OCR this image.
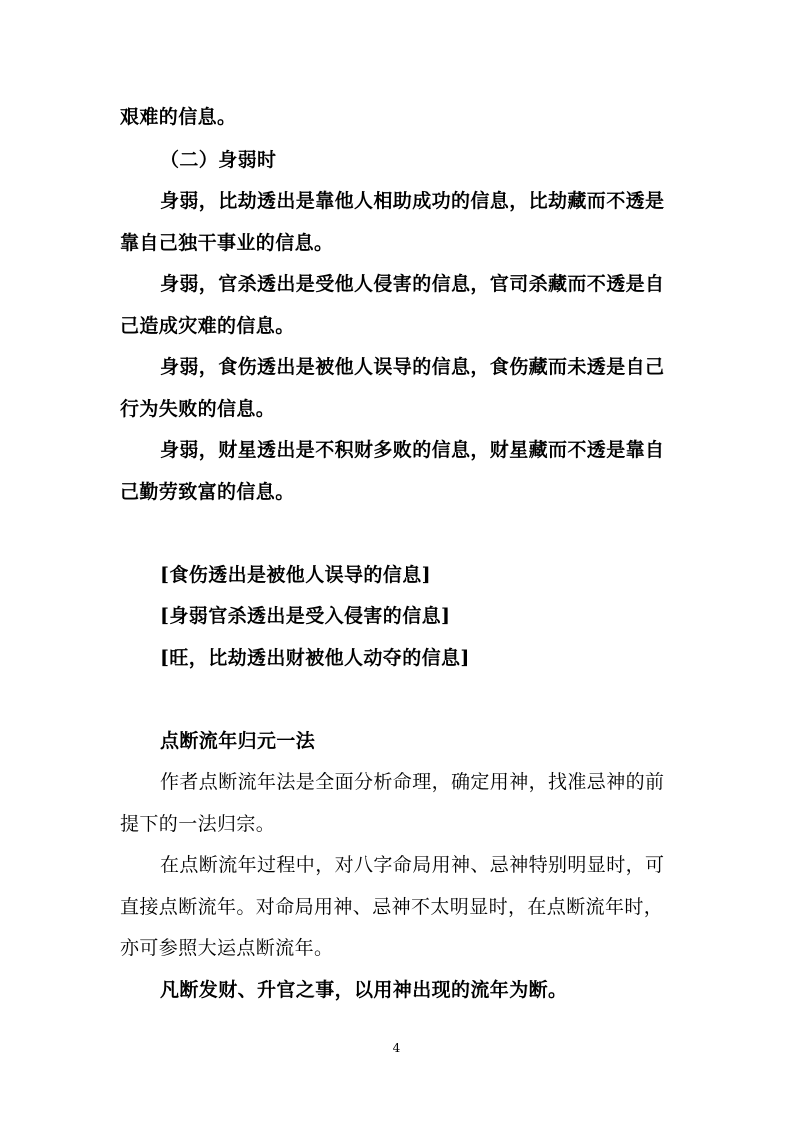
艰难的信息。
（二）身弱时
身弱，比劫透出是靠他人相助成功的信息，比劫藏而不透是
靠自己独干事业的信息。
身弱，官杀透出是受他人侵害的信息，官司杀藏而不透是自
己造成灾难的信息。
身弱，食伤透出是被他人误导的信息，食伤藏而未透是自己
行为失败的信息。
身弱，财星透出是不积财多败的信息，财星藏而不透是靠自
己勤劳致富的信息。
[食伤透出是被他人误导的信息]
[身弱官杀透出是受入侵害的信息]
[旺，比劫透出财被他人动夺的信息]
点断流年归元一法
作者点断流年法是全面分析命理，确定用神，找准忌神的前
提下的一法归宗。
在点断流年过程中，对八字命局用神、忌神特别明显时，可
直接点断流年。对命局用神、忌神不太明显时，在点断流年时，
亦可参照大运点断流年。
凡断发财、升官之事，以用神出现的流年为断。
4
